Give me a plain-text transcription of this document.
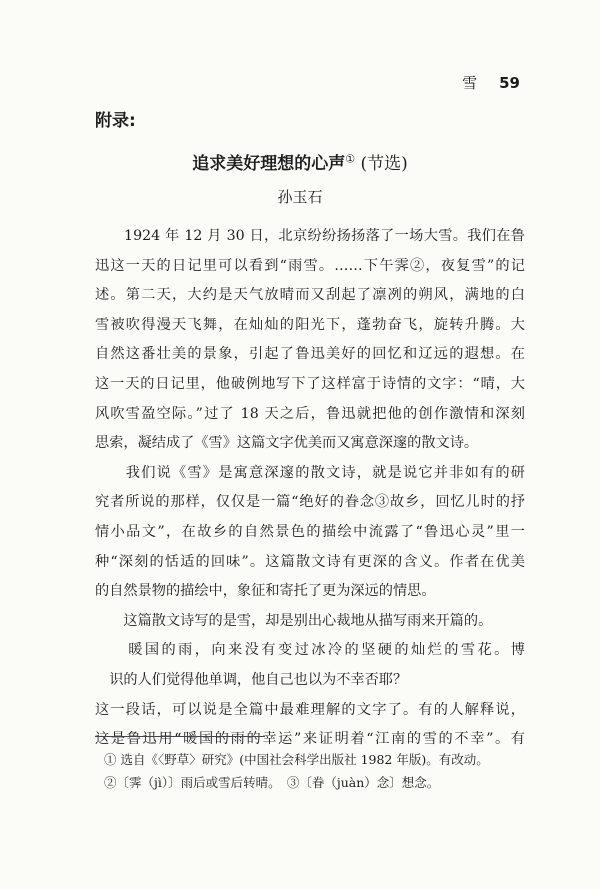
雪 59
附录:
追求美好理想的心声① (节选)
孙玉石
　　1924 年 12 月 30 日，北京纷纷扬扬落了一场大雪。我们在鲁
迅这一天的日记里可以看到“雨雪。……下午霁②，夜复雪”的记
述。第二天，大约是天气放晴而又刮起了凛冽的朔风，满地的白
雪被吹得漫天飞舞，在灿灿的阳光下，蓬勃奋飞，旋转升腾。大
自然这番壮美的景象，引起了鲁迅美好的回忆和辽远的遐想。在
这一天的日记里，他破例地写下了这样富于诗情的文字：“晴，大
风吹雪盈空际。”过了 18 天之后，鲁迅就把他的创作激情和深刻
思索，凝结成了《雪》这篇文字优美而又寓意深邃的散文诗。
　　我们说《雪》是寓意深邃的散文诗，就是说它并非如有的研
究者所说的那样，仅仅是一篇“绝好的眷念③故乡，回忆儿时的抒
情小品文”，在故乡的自然景色的描绘中流露了“鲁迅心灵”里一
种“深刻的恬适的回味”。这篇散文诗有更深的含义。作者在优美
的自然景物的描绘中，象征和寄托了更为深远的情思。
　　这篇散文诗写的是雪，却是别出心裁地从描写雨来开篇的。
　　暖国的雨，向来没有变过冰冷的坚硬的灿烂的雪花。博
　识的人们觉得他单调，他自己也以为不幸否耶？
这一段话，可以说是全篇中最难理解的文字了。有的人解释说，
这是鲁迅用“暖国的雨的幸运”来证明着“江南的雪的不幸”。有
① 选自《〈野草〉研究》(中国社会科学出版社 1982 年版)。有改动。
②〔霁（jì）〕雨后或雪后转晴。　③〔眷（juàn）念〕想念。
